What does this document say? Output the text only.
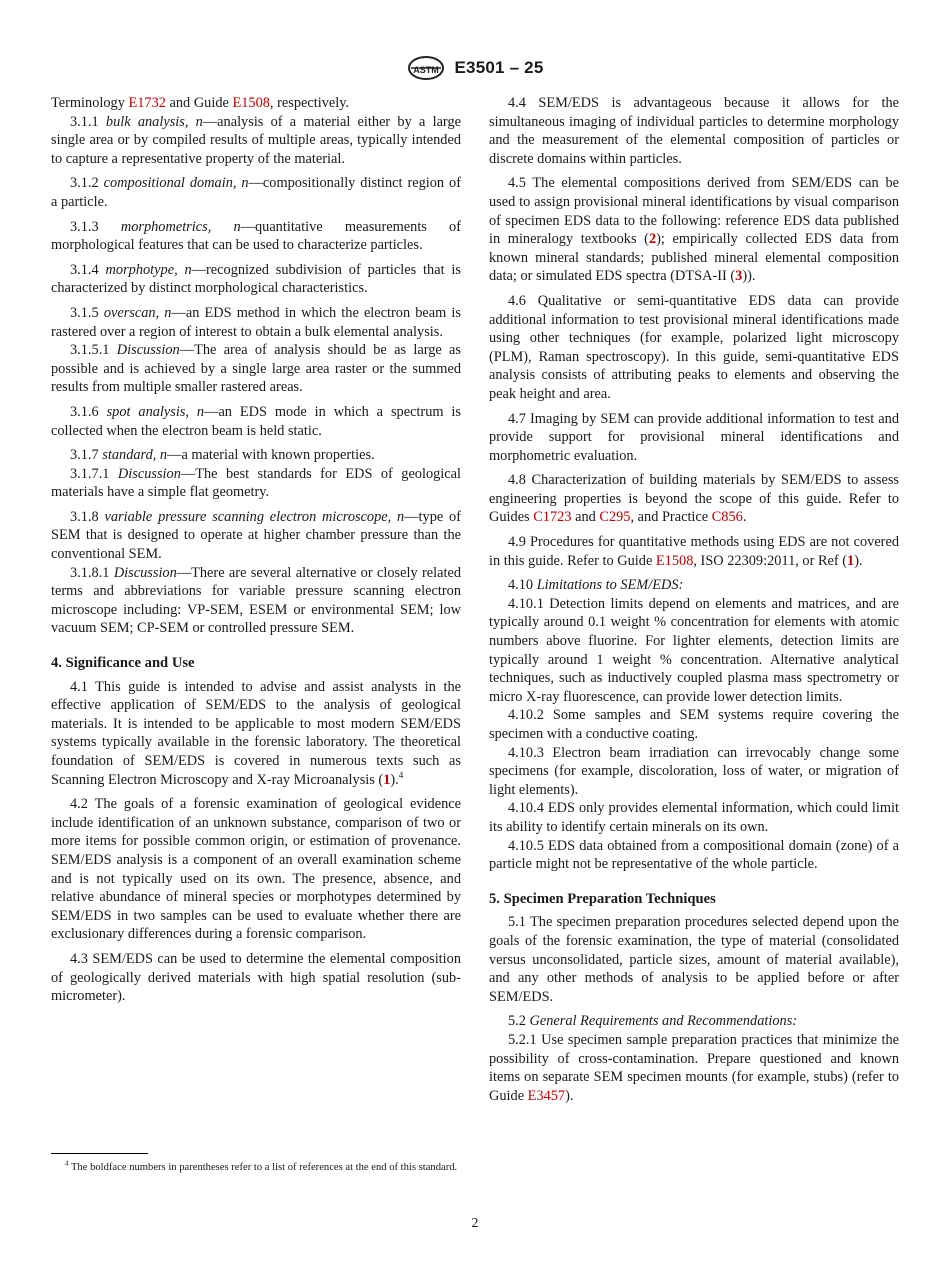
ASTM E3501 – 25

Terminology E1732 and Guide E1508, respectively.

3.1.1 bulk analysis, n—analysis of a material either by a large single area or by compiled results of multiple areas, typically intended to capture a representative property of the material.

3.1.2 compositional domain, n—compositionally distinct region of a particle.

3.1.3 morphometrics, n—quantitative measurements of morphological features that can be used to characterize particles.

3.1.4 morphotype, n—recognized subdivision of particles that is characterized by distinct morphological characteristics.

3.1.5 overscan, n—an EDS method in which the electron beam is rastered over a region of interest to obtain a bulk elemental analysis.

3.1.5.1 Discussion—The area of analysis should be as large as possible and is achieved by a single large area raster or the summed results from multiple smaller rastered areas.

3.1.6 spot analysis, n—an EDS mode in which a spectrum is collected when the electron beam is held static.

3.1.7 standard, n—a material with known properties.

3.1.7.1 Discussion—The best standards for EDS of geological materials have a simple flat geometry.

3.1.8 variable pressure scanning electron microscope, n—type of SEM that is designed to operate at higher chamber pressure than the conventional SEM.

3.1.8.1 Discussion—There are several alternative or closely related terms and abbreviations for variable pressure scanning electron microscope including: VP-SEM, ESEM or environmental SEM; low vacuum SEM; CP-SEM or controlled pressure SEM.

4. Significance and Use

4.1 This guide is intended to advise and assist analysts in the effective application of SEM/EDS to the analysis of geological materials. It is intended to be applicable to most modern SEM/EDS systems typically available in the forensic laboratory. The theoretical foundation of SEM/EDS is covered in numerous texts such as Scanning Electron Microscopy and X-ray Microanalysis (1).$^4$

4.2 The goals of a forensic examination of geological evidence include identification of an unknown substance, comparison of two or more items for possible common origin, or estimation of provenance. SEM/EDS analysis is a component of an overall examination scheme and is not typically used on its own. The presence, absence, and relative abundance of mineral species or morphotypes determined by SEM/EDS in two samples can be used to evaluate whether there are exclusionary differences during a forensic comparison.

4.3 SEM/EDS can be used to determine the elemental composition of geologically derived materials with high spatial resolution (sub-micrometer).

$^4$ The boldface numbers in parentheses refer to a list of references at the end of this standard.

4.4 SEM/EDS is advantageous because it allows for the simultaneous imaging of individual particles to determine morphology and the measurement of the elemental composition of particles or discrete domains within particles.

4.5 The elemental compositions derived from SEM/EDS can be used to assign provisional mineral identifications by visual comparison of specimen EDS data to the following: reference EDS data published in mineralogy textbooks (2); empirically collected EDS data from known mineral standards; published mineral elemental composition data; or simulated EDS spectra (DTSA-II (3)).

4.6 Qualitative or semi-quantitative EDS data can provide additional information to test provisional mineral identifications made using other techniques (for example, polarized light microscopy (PLM), Raman spectroscopy). In this guide, semi-quantitative EDS analysis consists of attributing peaks to elements and observing the peak height and area.

4.7 Imaging by SEM can provide additional information to test and provide support for provisional mineral identifications and morphometric evaluation.

4.8 Characterization of building materials by SEM/EDS to assess engineering properties is beyond the scope of this guide. Refer to Guides C1723 and C295, and Practice C856.

4.9 Procedures for quantitative methods using EDS are not covered in this guide. Refer to Guide E1508, ISO 22309:2011, or Ref (1).

4.10 Limitations to SEM/EDS:

4.10.1 Detection limits depend on elements and matrices, and are typically around 0.1 weight % concentration for elements with atomic numbers above fluorine. For lighter elements, detection limits are typically around 1 weight % concentration. Alternative analytical techniques, such as inductively coupled plasma mass spectrometry or micro X-ray fluorescence, can provide lower detection limits.

4.10.2 Some samples and SEM systems require covering the specimen with a conductive coating.

4.10.3 Electron beam irradiation can irrevocably change some specimens (for example, discoloration, loss of water, or migration of light elements).

4.10.4 EDS only provides elemental information, which could limit its ability to identify certain minerals on its own.

4.10.5 EDS data obtained from a compositional domain (zone) of a particle might not be representative of the whole particle.

5. Specimen Preparation Techniques

5.1 The specimen preparation procedures selected depend upon the goals of the forensic examination, the type of material (consolidated versus unconsolidated, particle sizes, amount of material available), and any other methods of analysis to be applied before or after SEM/EDS.

5.2 General Requirements and Recommendations:

5.2.1 Use specimen sample preparation practices that minimize the possibility of cross-contamination. Prepare questioned and known items on separate SEM specimen mounts (for example, stubs) (refer to Guide E3457).

2
